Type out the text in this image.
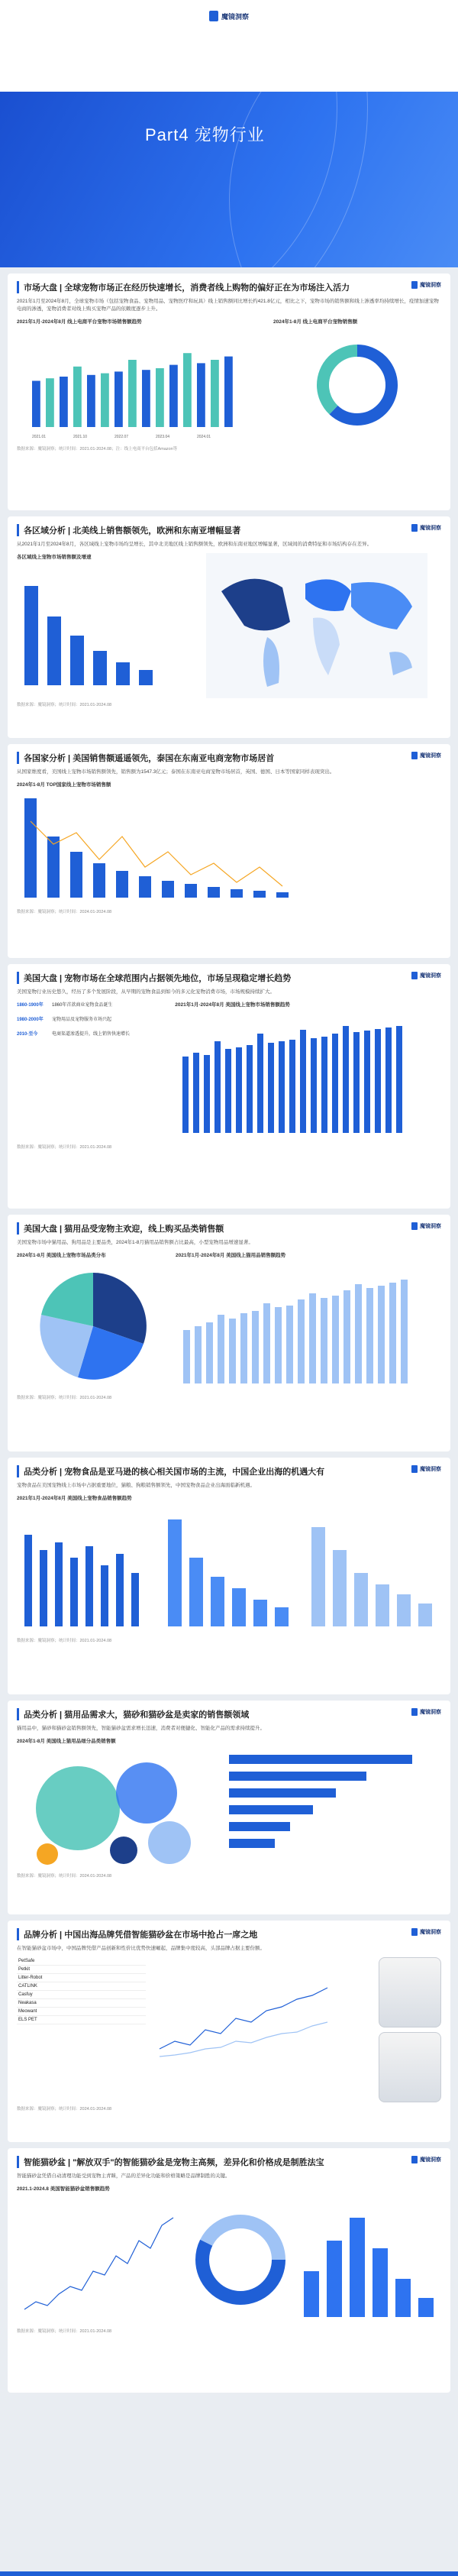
魔镜洞察
Part4 宠物行业
魔镜洞察
市场大盘 | 全球宠物市场正在经历快速增长，消费者线上购物的偏好正在为市场注入活力
2021年1月至2024年8月，全球宠物市场（包括宠物食品、宠物用品、宠物医疗和玩具）线上销售额同比增长约421.8亿元，相比之下，宠物市场的销售额和线上渗透率均持续增长，疫情加速宠物电商的渗透，宠物消费者对线上购买宠物产品的依赖度逐步上升。
2021年1月-2024年8月 线上电商平台宠物市场销售额趋势
2021.01	2021.10	2022.07	2023.04	2024.01
2024年1-8月 线上电商平台宠物销售额
数据来源：魔镜洞察；统计时间：2021.01-2024.08；注：线上电商平台包括Amazon等
魔镜洞察
各区域分析 | 北美线上销售额领先，欧洲和东南亚增幅显著
从2021年1月至2024年8月，各区域线上宠物市场均呈增长，其中北美地区线上销售额领先，欧洲和东南亚地区增幅显著，区域间的消费特征和市场结构存在差异。
各区域线上宠物市场销售额及增速
数据来源：魔镜洞察；统计时间：2021.01-2024.08
魔镜洞察
各国家分析 | 美国销售额遥遥领先，泰国在东南亚电商宠物市场居首
从国家维度看，美国线上宠物市场销售额领先，销售额为1547.3亿元；泰国在东南亚电商宠物市场居首，英国、德国、日本等国家同样表现突出。
2024年1-8月 TOP国家线上宠物市场销售额
数据来源：魔镜洞察；统计时间：2024.01-2024.08
魔镜洞察
美国大盘 | 宠物市场在全球范围内占据领先地位，市场呈现稳定增长趋势
美国宠物行业历史悠久，经历了多个发展阶段，从早期的宠物食品到如今的多元化宠物消费市场，市场规模持续扩大。
1860-1900年	1860年首款商业宠物食品诞生
1980-2000年	宠物用品及宠物服务市场兴起
2010-至今	电商渠道渗透提升，线上销售快速增长
2021年1月-2024年8月 美国线上宠物市场销售额趋势
数据来源：魔镜洞察；统计时间：2021.01-2024.08
魔镜洞察
美国大盘 | 猫用品受宠物主欢迎，线上购买品类销售额
美国宠物市场中猫用品、狗用品是主要品类，2024年1-8月猫用品销售额占比最高，小型宠物用品增速显著。
2024年1-8月 美国线上宠物市场品类分布	2021年1月-2024年8月 美国线上猫用品销售额趋势
数据来源：魔镜洞察；统计时间：2021.01-2024.08
魔镜洞察
品类分析 | 宠物食品是亚马逊的核心相关国市场的主流，中国企业出海的机遇大有
宠物食品在美国宠物线上市场中占据重要地位，猫粮、狗粮销售额领先，中国宠物食品企业出海面临新机遇。
2021年1月-2024年8月 美国线上宠物食品销售额趋势
数据来源：魔镜洞察；统计时间：2021.01-2024.08
魔镜洞察
品类分析 | 猫用品需求大，猫砂和猫砂盆是卖家的销售额领域
猫用品中，猫砂和猫砂盆销售额领先，智能猫砂盆需求增长迅速，消费者对便捷化、智能化产品的需求持续提升。
2024年1-8月 美国线上猫用品细分品类销售额
数据来源：魔镜洞察；统计时间：2024.01-2024.08
魔镜洞察
品牌分析 | 中国出海品牌凭借智能猫砂盆在市场中抢占一席之地
在智能猫砂盆市场中，中国品牌凭借产品创新和性价比优势快速崛起，品牌集中度较高，头部品牌占据主要份额。
PetSafe
Petkit
Litter-Robot
CATLINK
Casfuy
Neakasa
Meowant
ELS PET
数据来源：魔镜洞察；统计时间：2024.01-2024.08
魔镜洞察
智能猫砂盆 | "解放双手"的智能猫砂盆是宠物主高频，差异化和价格成是制胜法宝
智能猫砂盆凭借自动清理功能受到宠物主青睐，产品的差异化功能和价格策略是品牌制胜的关键。
2021.1-2024.8 美国智能猫砂盆销售额趋势
数据来源：魔镜洞察；统计时间：2021.01-2024.08
